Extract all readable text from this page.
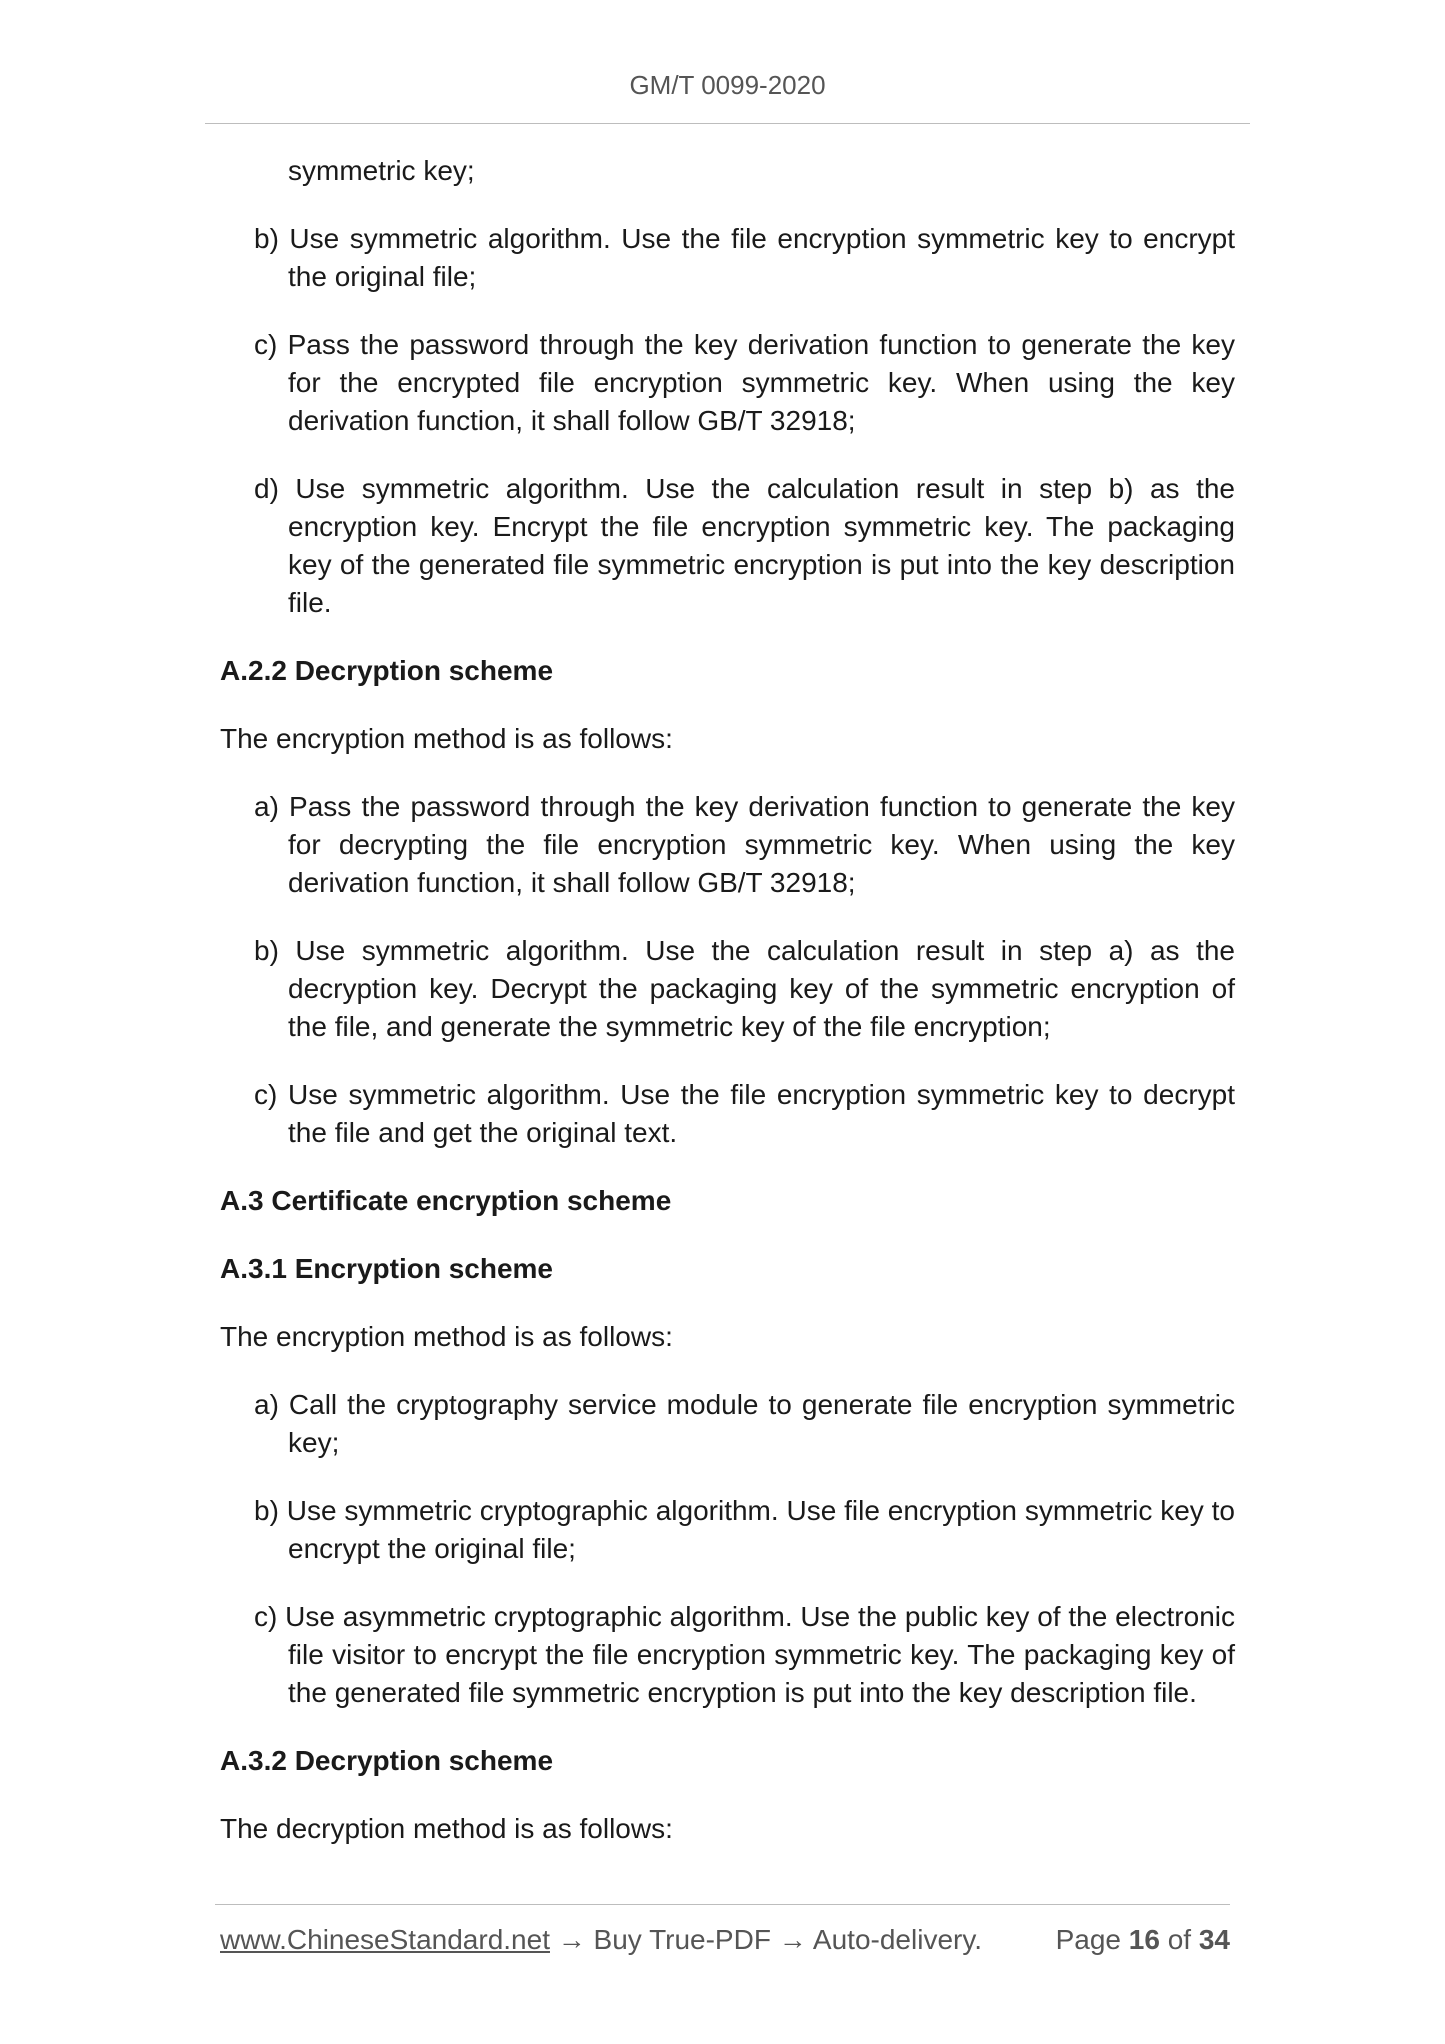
GM/T 0099-2020
symmetric key;
b) Use symmetric algorithm. Use the file encryption symmetric key to encrypt the original file;
c) Pass the password through the key derivation function to generate the key for the encrypted file encryption symmetric key. When using the key derivation function, it shall follow GB/T 32918;
d) Use symmetric algorithm. Use the calculation result in step b) as the encryption key. Encrypt the file encryption symmetric key. The packaging key of the generated file symmetric encryption is put into the key description file.
A.2.2 Decryption scheme
The encryption method is as follows:
a) Pass the password through the key derivation function to generate the key for decrypting the file encryption symmetric key. When using the key derivation function, it shall follow GB/T 32918;
b) Use symmetric algorithm. Use the calculation result in step a) as the decryption key. Decrypt the packaging key of the symmetric encryption of the file, and generate the symmetric key of the file encryption;
c) Use symmetric algorithm. Use the file encryption symmetric key to decrypt the file and get the original text.
A.3 Certificate encryption scheme
A.3.1 Encryption scheme
The encryption method is as follows:
a) Call the cryptography service module to generate file encryption symmetric key;
b) Use symmetric cryptographic algorithm. Use file encryption symmetric key to encrypt the original file;
c) Use asymmetric cryptographic algorithm. Use the public key of the electronic file visitor to encrypt the file encryption symmetric key. The packaging key of the generated file symmetric encryption is put into the key description file.
A.3.2 Decryption scheme
The decryption method is as follows:
www.ChineseStandard.net → Buy True-PDF → Auto-delivery.	Page 16 of 34
